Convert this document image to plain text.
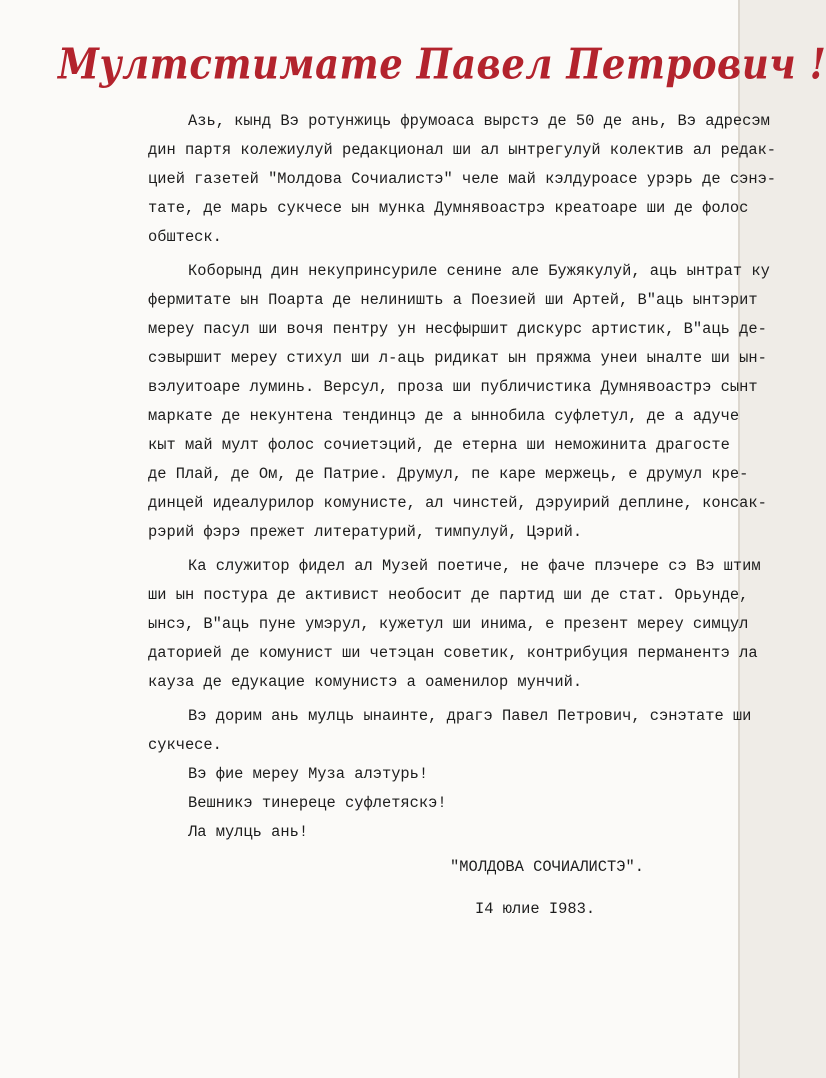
Мултстимате Павел Петрович !

Азь, кынд Вэ ротунжиць фрумоаса вырстэ де 50 де ань, Вэ адресэм

дин партя колежиулуй редакционал ши ал ынтрегулуй колектив ал редак-

цией газетей "Молдова Сочиалистэ" челе май кэлдуроасе урэрь де сэнэ-

тате, де марь сукчесе ын мунка Думнявоастрэ креатоаре ши де фолос

обштеск.

Коборынд дин некупринсуриле сенине але Бужякулуй, аць ынтрат ку

фермитате ын Поарта де нелиништь а Поезией ши Артей, В"аць ынтэрит

мереу пасул ши вочя пентру ун несфыршит дискурс артистик, В"аць де-

сэвыршит мереу стихул ши л-аць ридикат ын пряжма унеи ыналте ши ын-

вэлуитоаре луминь. Версул, проза ши публичистика Думнявоастрэ сынт

маркате де некунтена тендинцэ де а ыннобила суфлетул, де а адуче

кыт май мулт фолос сочиетэций, де етерна ши неможинита драгосте

де Плай, де Ом, де Патрие. Друмул, пе каре мержець, е друмул кре-

динцей идеалурилор комунисте, ал чинстей, дэруирий деплине, консак-

рэрий фэрэ прежет литературий, тимпулуй, Цэрий.

Ка служитор фидел ал Музей поетиче, не фаче плэчере сэ Вэ штим

ши ын постура де активист необосит де партид ши де стат. Орьунде,

ынсэ, В"аць пуне умэрул, кужетул ши инима, е презент мереу симцул

даторией де комунист ши четэцан советик, контрибуция перманентэ ла

кауза де едукацие комунистэ а оаменилор мунчий.

Вэ дорим ань мулць ынаинте, драгэ Павел Петрович, сэнэтате ши

сукчесе.

Вэ фие мереу Муза алэтурь!

Вешникэ тинереце суфлетяскэ!

Ла мулць ань!

"МОЛДОВА СОЧИАЛИСТЭ".

I4 юлие I983.
